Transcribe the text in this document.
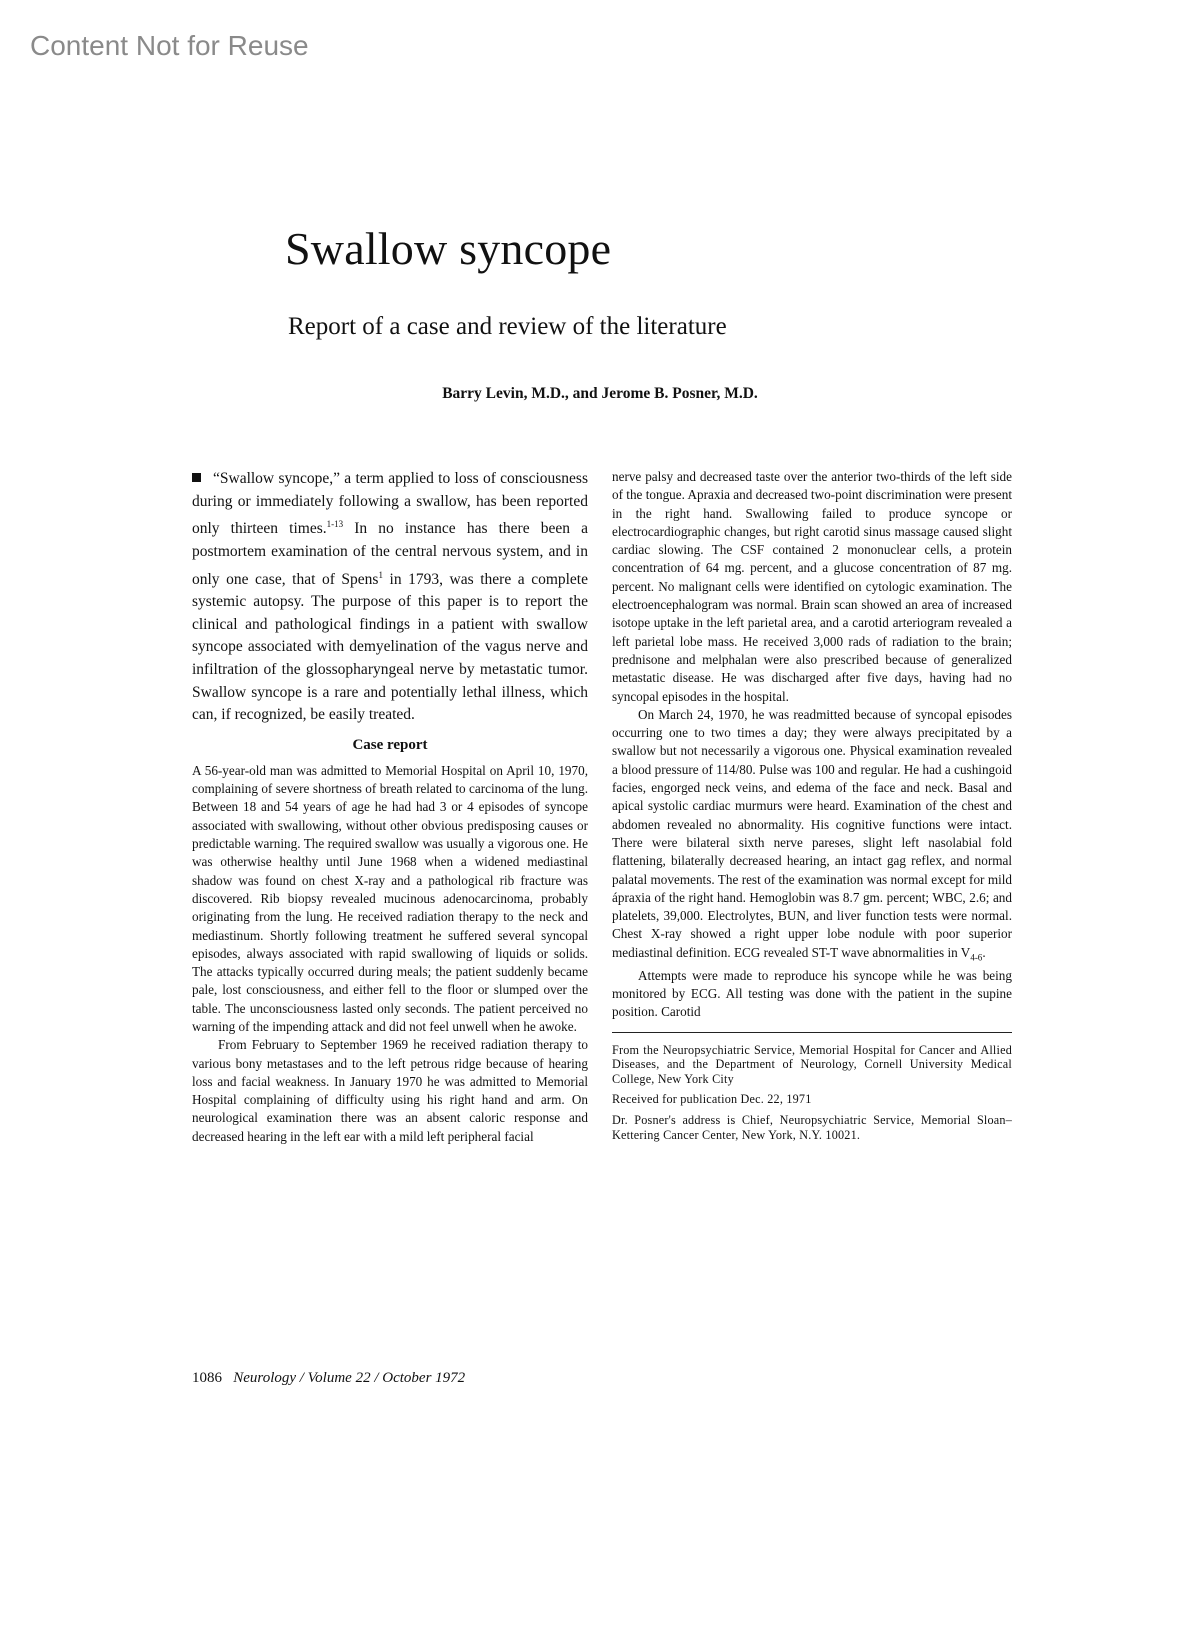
Content Not for Reuse
Swallow syncope
Report of a case and review of the literature
Barry Levin, M.D., and Jerome B. Posner, M.D.

“Swallow syncope,” a term applied to loss of consciousness during or immediately following a swallow, has been reported only thirteen times.$^{1-13}$ In no instance has there been a postmortem examination of the central nervous system, and in only one case, that of Spens$^1$ in 1793, was there a complete systemic autopsy. The purpose of this paper is to report the clinical and pathological findings in a patient with swallow syncope associated with demyelination of the vagus nerve and infiltration of the glossopharyngeal nerve by metastatic tumor. Swallow syncope is a rare and potentially lethal illness, which can, if recognized, be easily treated.

Case report

A 56-year-old man was admitted to Memorial Hospital on April 10, 1970, complaining of severe shortness of breath related to carcinoma of the lung. Between 18 and 54 years of age he had had 3 or 4 episodes of syncope associated with swallowing, without other obvious predisposing causes or predictable warning. The required swallow was usually a vigorous one. He was otherwise healthy until June 1968 when a widened mediastinal shadow was found on chest X-ray and a pathological rib fracture was discovered. Rib biopsy revealed mucinous adenocarcinoma, probably originating from the lung. He received radiation therapy to the neck and mediastinum. Shortly following treatment he suffered several syncopal episodes, always associated with rapid swallowing of liquids or solids. The attacks typically occurred during meals; the patient suddenly became pale, lost consciousness, and either fell to the floor or slumped over the table. The unconsciousness lasted only seconds. The patient perceived no warning of the impending attack and did not feel unwell when he awoke.

From February to September 1969 he received radiation therapy to various bony metastases and to the left petrous ridge because of hearing loss and facial weakness. In January 1970 he was admitted to Memorial Hospital complaining of difficulty using his right hand and arm. On neurological examination there was an absent caloric response and decreased hearing in the left ear with a mild left peripheral facial

nerve palsy and decreased taste over the anterior two-thirds of the left side of the tongue. Apraxia and decreased two-point discrimination were present in the right hand. Swallowing failed to produce syncope or electrocardiographic changes, but right carotid sinus massage caused slight cardiac slowing. The CSF contained 2 mononuclear cells, a protein concentration of 64 mg. percent, and a glucose concentration of 87 mg. percent. No malignant cells were identified on cytologic examination. The electroencephalogram was normal. Brain scan showed an area of increased isotope uptake in the left parietal area, and a carotid arteriogram revealed a left parietal lobe mass. He received 3,000 rads of radiation to the brain; prednisone and melphalan were also prescribed because of generalized metastatic disease. He was discharged after five days, having had no syncopal episodes in the hospital.

On March 24, 1970, he was readmitted because of syncopal episodes occurring one to two times a day; they were always precipitated by a swallow but not necessarily a vigorous one. Physical examination revealed a blood pressure of 114/80. Pulse was 100 and regular. He had a cushingoid facies, engorged neck veins, and edema of the face and neck. Basal and apical systolic cardiac murmurs were heard. Examination of the chest and abdomen revealed no abnormality. His cognitive functions were intact. There were bilateral sixth nerve pareses, slight left nasolabial fold flattening, bilaterally decreased hearing, an intact gag reflex, and normal palatal movements. The rest of the examination was normal except for mild ápraxia of the right hand. Hemoglobin was 8.7 gm. percent; WBC, 2.6; and platelets, 39,000. Electrolytes, BUN, and liver function tests were normal. Chest X-ray showed a right upper lobe nodule with poor superior mediastinal definition. ECG revealed ST-T wave abnormalities in $V_{4-6}$.

Attempts were made to reproduce his syncope while he was being monitored by ECG. All testing was done with the patient in the supine position. Carotid

From the Neuropsychiatric Service, Memorial Hospital for Cancer and Allied Diseases, and the Department of Neurology, Cornell University Medical College, New York City

Received for publication Dec. 22, 1971

Dr. Posner's address is Chief, Neuropsychiatric Service, Memorial Sloan–Kettering Cancer Center, New York, N.Y. 10021.

1086 Neurology / Volume 22 / October 1972
